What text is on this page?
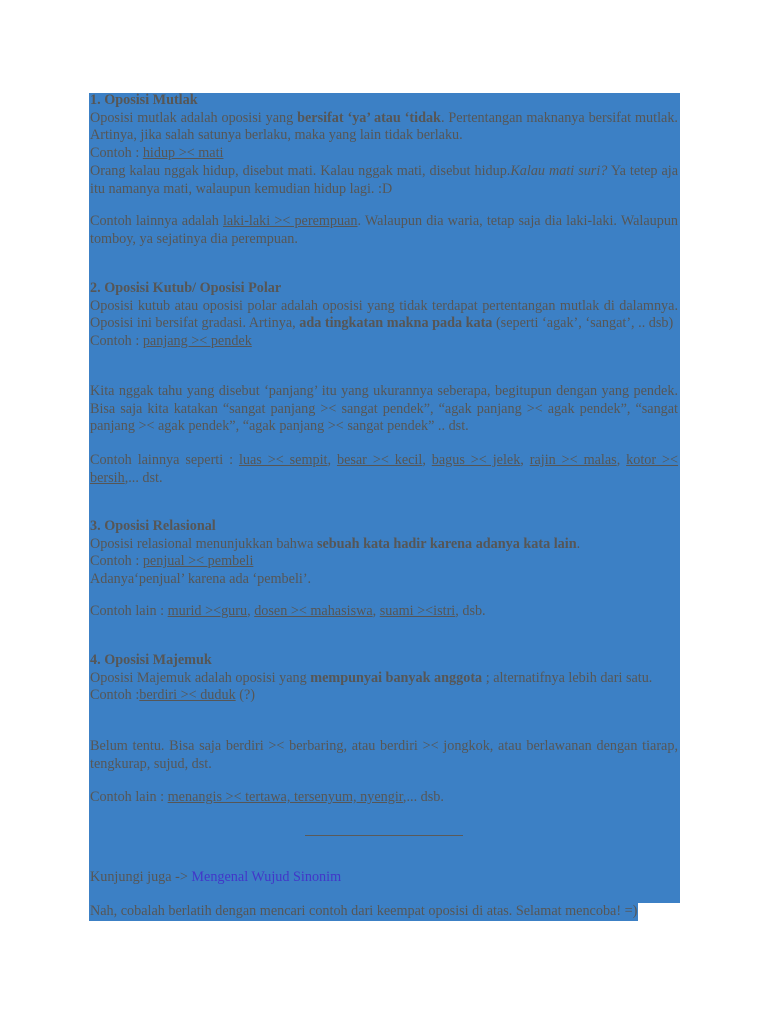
1. Oposisi Mutlak
Oposisi mutlak adalah oposisi yang bersifat ‘ya’ atau ‘tidak. Pertentangan maknanya bersifat mutlak. Artinya, jika salah satunya berlaku, maka yang lain tidak berlaku.
Contoh : hidup >< mati
Orang kalau nggak hidup, disebut mati. Kalau nggak mati, disebut hidup.Kalau mati suri? Ya tetep aja itu namanya mati, walaupun kemudian hidup lagi. :D
Contoh lainnya adalah laki-laki >< perempuan. Walaupun dia waria, tetap saja dia laki-laki. Walaupun tomboy, ya sejatinya dia perempuan.
2. Oposisi Kutub/ Oposisi Polar
Oposisi kutub atau oposisi polar adalah oposisi yang tidak terdapat pertentangan mutlak di dalamnya. Oposisi ini bersifat gradasi. Artinya, ada tingkatan makna pada kata (seperti ‘agak’, ‘sangat’, .. dsb)
Contoh : panjang >< pendek
Kita nggak tahu yang disebut ‘panjang’ itu yang ukurannya seberapa, begitupun dengan yang pendek. Bisa saja kita katakan “sangat panjang >< sangat pendek”, “agak panjang >< agak pendek”, “sangat panjang >< agak pendek”, “agak panjang >< sangat pendek” .. dst.
Contoh lainnya seperti : luas >< sempit, besar >< kecil, bagus >< jelek, rajin >< malas, kotor >< bersih,... dst.
3. Oposisi Relasional
Oposisi relasional menunjukkan bahwa sebuah kata hadir karena adanya kata lain.
Contoh : penjual >< pembeli
Adanya‘penjual’ karena ada ‘pembeli’.
Contoh lain : murid ><guru, dosen >< mahasiswa, suami ><istri, dsb.
4. Oposisi Majemuk
Oposisi Majemuk adalah oposisi yang mempunyai banyak anggota ; alternatifnya lebih dari satu.
Contoh :berdiri >< duduk (?)
Belum tentu. Bisa saja berdiri >< berbaring, atau berdiri >< jongkok, atau berlawanan dengan tiarap, tengkurap, sujud, dst.
Contoh lain : menangis >< tertawa, tersenyum, nyengir,... dsb.
Kunjungi juga -> Mengenal Wujud Sinonim
Nah, cobalah berlatih dengan mencari contoh dari keempat oposisi di atas. Selamat mencoba! =)
